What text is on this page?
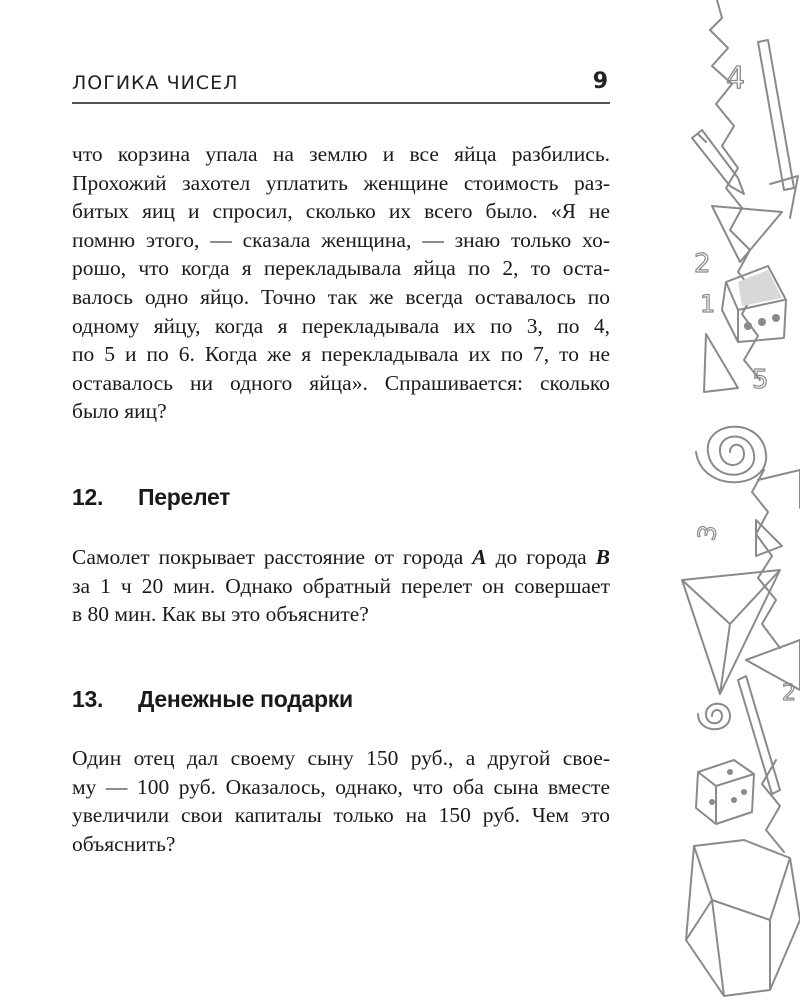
ЛОГИКА ЧИСЕЛ	9

что корзина упала на землю и все яйца разбились.
Прохожий захотел уплатить женщине стоимость раз-
битых яиц и спросил, сколько их всего было. «Я не
помню этого, — сказала женщина, — знаю только хо-
рошо, что когда я перекладывала яйца по 2, то оста-
валось одно яйцо. Точно так же всегда оставалось по
одному яйцу, когда я перекладывала их по 3, по 4,
по 5 и по 6. Когда же я перекладывала их по 7, то не
оставалось ни одного яйца». Спрашивается: сколько
было яиц?

12. Перелет

Самолет покрывает расстояние от города А до города В
за 1 ч 20 мин. Однако обратный перелет он совершает
в 80 мин. Как вы это объясните?

13. Денежные подарки

Один отец дал своему сыну 150 руб., а другой свое-
му — 100 руб. Оказалось, однако, что оба сына вместе
увеличили свои капиталы только на 150 руб. Чем это
объяснить?

4
2
1
5
3
2
